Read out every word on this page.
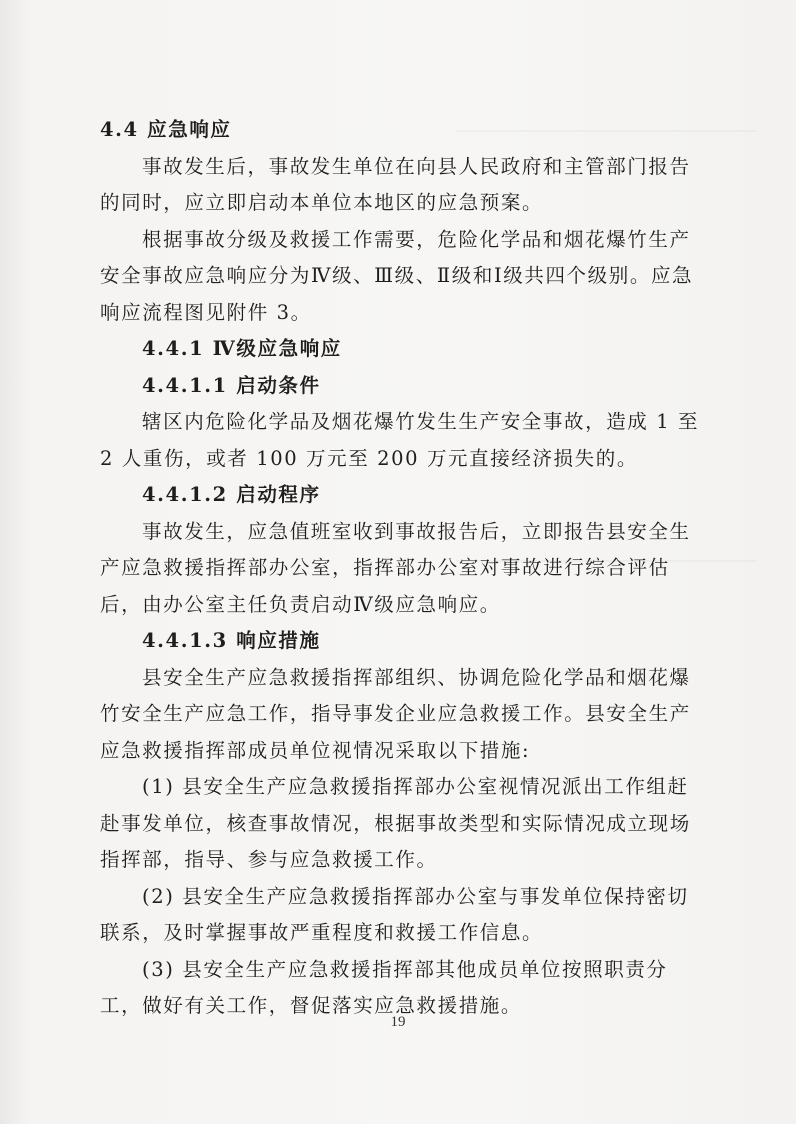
4.4 应急响应

事故发生后，事故发生单位在向县人民政府和主管部门报告的同时，应立即启动本单位本地区的应急预案。

根据事故分级及救援工作需要，危险化学品和烟花爆竹生产安全事故应急响应分为Ⅳ级、Ⅲ级、Ⅱ级和Ⅰ级共四个级别。应急响应流程图见附件 3。

4.4.1 Ⅳ级应急响应

4.4.1.1 启动条件

辖区内危险化学品及烟花爆竹发生生产安全事故，造成 1 至 2 人重伤，或者 100 万元至 200 万元直接经济损失的。

4.4.1.2 启动程序

事故发生，应急值班室收到事故报告后，立即报告县安全生产应急救援指挥部办公室，指挥部办公室对事故进行综合评估后，由办公室主任负责启动Ⅳ级应急响应。

4.4.1.3 响应措施

县安全生产应急救援指挥部组织、协调危险化学品和烟花爆竹安全生产应急工作，指导事发企业应急救援工作。县安全生产应急救援指挥部成员单位视情况采取以下措施:

(1) 县安全生产应急救援指挥部办公室视情况派出工作组赶赴事发单位，核查事故情况，根据事故类型和实际情况成立现场指挥部，指导、参与应急救援工作。

(2) 县安全生产应急救援指挥部办公室与事发单位保持密切联系，及时掌握事故严重程度和救援工作信息。

(3) 县安全生产应急救援指挥部其他成员单位按照职责分工，做好有关工作，督促落实应急救援措施。

19
